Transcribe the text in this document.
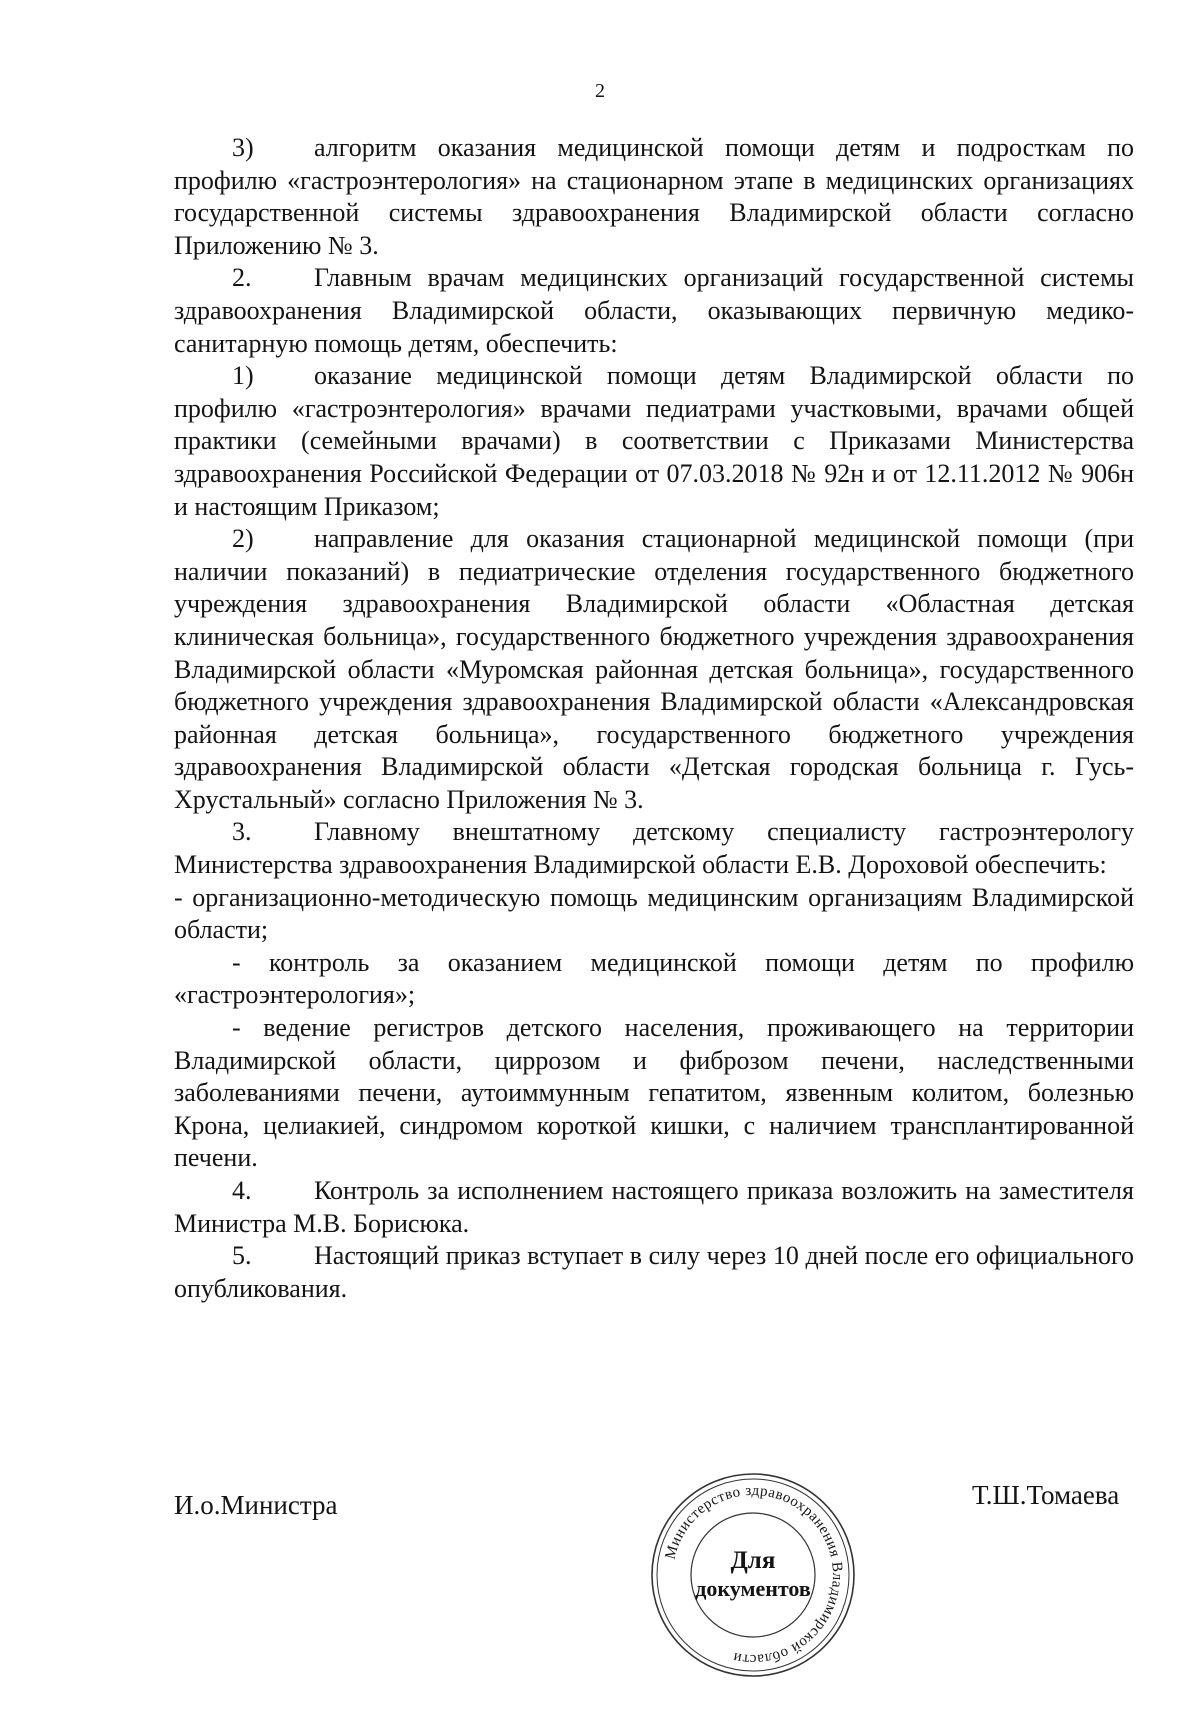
2

3) алгоритм оказания медицинской помощи детям и подросткам по профилю «гастроэнтерология» на стационарном этапе в медицинских организациях государственной системы здравоохранения Владимирской области согласно Приложению № 3.

2. Главным врачам медицинских организаций государственной системы здравоохранения Владимирской области, оказывающих первичную медико-санитарную помощь детям, обеспечить:

1) оказание медицинской помощи детям Владимирской области по профилю «гастроэнтерология» врачами педиатрами участковыми, врачами общей практики (семейными врачами) в соответствии с Приказами Министерства здравоохранения Российской Федерации от 07.03.2018 № 92н и от 12.11.2012 № 906н и настоящим Приказом;

2) направление для оказания стационарной медицинской помощи (при наличии показаний) в педиатрические отделения государственного бюджетного учреждения здравоохранения Владимирской области «Областная детская клиническая больница», государственного бюджетного учреждения здравоохранения Владимирской области «Муромская районная детская больница», государственного бюджетного учреждения здравоохранения Владимирской области «Александровская районная детская больница», государственного бюджетного учреждения здравоохранения Владимирской области «Детская городская больница г. Гусь-Хрустальный» согласно Приложения № 3.

3. Главному внештатному детскому специалисту гастроэнтерологу Министерства здравоохранения Владимирской области Е.В. Дороховой обеспечить:

- организационно-методическую помощь медицинским организациям Владимирской области;

- контроль за оказанием медицинской помощи детям по профилю «гастроэнтерология»;

- ведение регистров детского населения, проживающего на территории Владимирской области, циррозом и фиброзом печени, наследственными заболеваниями печени, аутоиммунным гепатитом, язвенным колитом, болезнью Крона, целиакией, синдромом короткой кишки, с наличием трансплантированной печени.

4. Контроль за исполнением настоящего приказа возложить на заместителя Министра М.В. Борисюка.

5. Настоящий приказ вступает в силу через 10 дней после его официального опубликования.

И.о.Министра
Министерство здравоохранения Владимирской области
Для
документов
Т.Ш.Томаева
